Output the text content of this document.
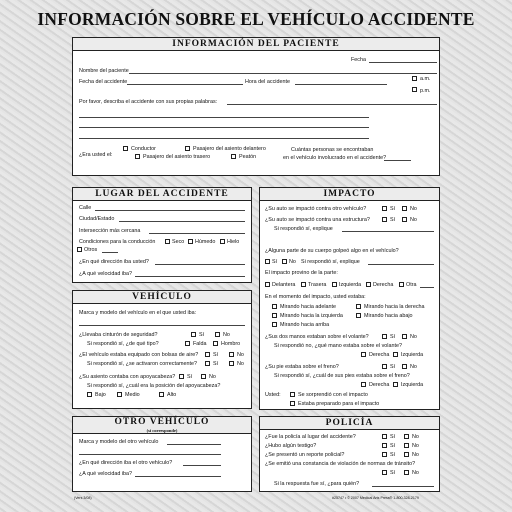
INFORMACIÓN SOBRE EL VEHÍCULO ACCIDENTE
INFORMACIÓN DEL PACIENTE
Fecha
Nombre del paciente
Fecha del accidente	Hora del accidente	a.m.
p.m.
Por favor, describa el accidente con sus propias palabras:
¿Era usted el:
Conductor	Pasajero del asiento delantero
Pasajero del asiento trasero	Peatón
Cuántas personas se encontraban
en el vehículo involucrado en el accidente?
LUGAR DEL ACCIDENTE
Calle
Ciudad/Estado
Intersección más cercana
Condiciones para la conducción	Seco Húmedo Hielo
Otros
¿En qué dirección iba usted?
¿A qué velocidad iba?
IMPACTO
¿Su auto se impactó contra otro vehículo?	Sí	No
¿Su auto se impactó contra una estructura?	Sí	No
Si respondió sí, explique
¿Alguna parte de su cuerpo golpeó algo en el vehículo?
Sí No Si respondió sí, explique
El impacto provino de la parte:
Delantera Trasera Izquierda Derecha Otra
En el momento del impacto, usted estaba:
Mirando hacia adelante	Mirando hacia la derecha
Mirando hacia la izquierda	Mirando hacia abajo
Mirando hacia arriba
¿Sus dos manos estaban sobre el volante?	Sí	No
Si respondió no, ¿qué mano estaba sobre el volante?
Derecha Izquierda
¿Su pie estaba sobre el freno?	Sí	No
Si respondió sí, ¿cuál de sus pies estaba sobre el freno?
Derecha Izquierda
Usted:	Se sorprendió con el impacto
Estaba preparado para el impacto
VEHÍCULO
Marca y modelo del vehículo en el que usted iba:
¿Llevaba cinturón de seguridad?	Sí	No
Si respondió sí, ¿de qué tipo?	Falda	Hombro
¿El vehículo estaba equipado con bolsas de aire?	Sí	No
Si respondió sí, ¿se activaron correctamente?	Sí	No
¿Su asiento contaba con apoyacabeza? Sí	No
Si respondió sí, ¿cuál era la posición del apoyacabeza?
Bajo	Medio	Alto
OTRO VEHÍCULO
(si corresponde)
Marca y modelo del otro vehículo
¿En qué dirección iba el otro vehículo?
¿A qué velocidad iba?
POLICÍA
¿Fue la policía al lugar del accidente?	Sí	No
¿Hubo algún testigo?	Sí	No
¿Se presentó un reporte policial?	Sí	No
¿Se emitió una constancia de violación de normas de tránsito?
Sí	No
Si la respuesta fue sí, ¿para quién?
(Vers 3/08)	#25747 • © 2007 Medical Arts Press® 1-800-328-2179
